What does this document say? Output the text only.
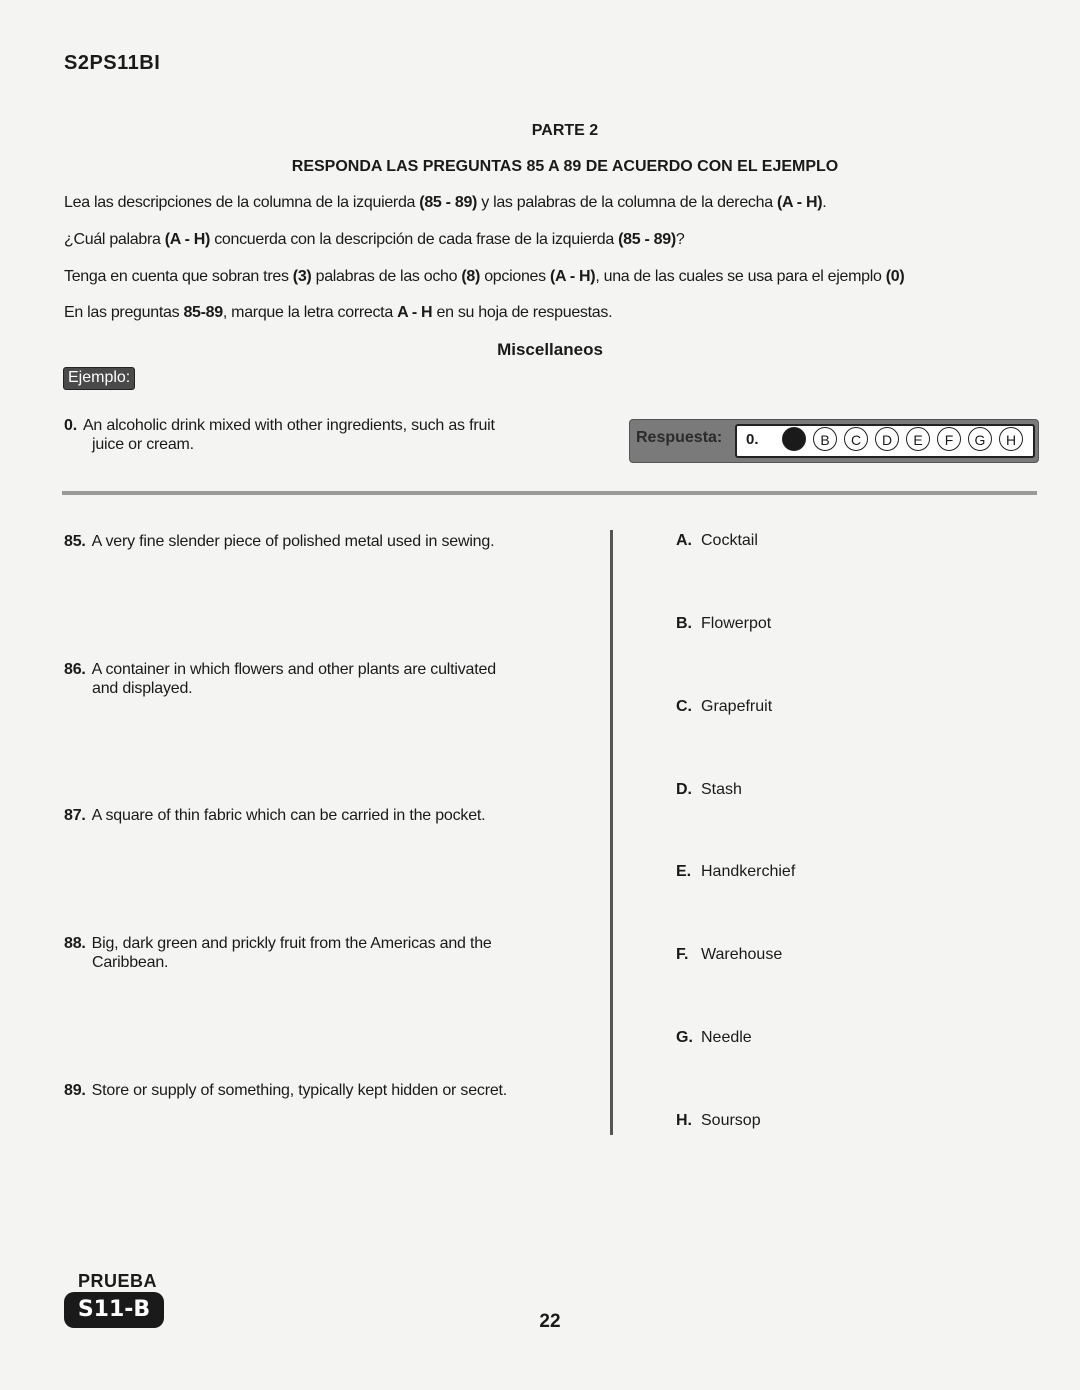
S2PS11BI
PARTE 2
RESPONDA LAS PREGUNTAS 85 A 89 DE ACUERDO CON EL EJEMPLO
Lea las descripciones de la columna de la izquierda (85 - 89) y las palabras de la columna de la derecha (A - H).
¿Cuál palabra (A - H) concuerda con la descripción de cada frase de la izquierda (85 - 89)?
Tenga en cuenta que sobran tres (3) palabras de las ocho (8) opciones (A - H), una de las cuales se usa para el ejemplo (0)
En las preguntas 85-89, marque la letra correcta A - H en su hoja de respuestas.
Miscellaneos
Ejemplo:
0. An alcoholic drink mixed with other ingredients, such as fruit
juice or cream.	Respuesta: 0.	A	B	C	D	E	F	G	H
85. A very fine slender piece of polished metal used in sewing.
86. A container in which flowers and other plants are cultivated
and displayed.
87. A square of thin fabric which can be carried in the pocket.
88. Big, dark green and prickly fruit from the Americas and the
Caribbean.
89. Store or supply of something, typically kept hidden or secret.
A. Cocktail
B. Flowerpot
C. Grapefruit
D. Stash
E. Handkerchief
F. Warehouse
G. Needle
H. Soursop
PRUEBA
S11-B	22
